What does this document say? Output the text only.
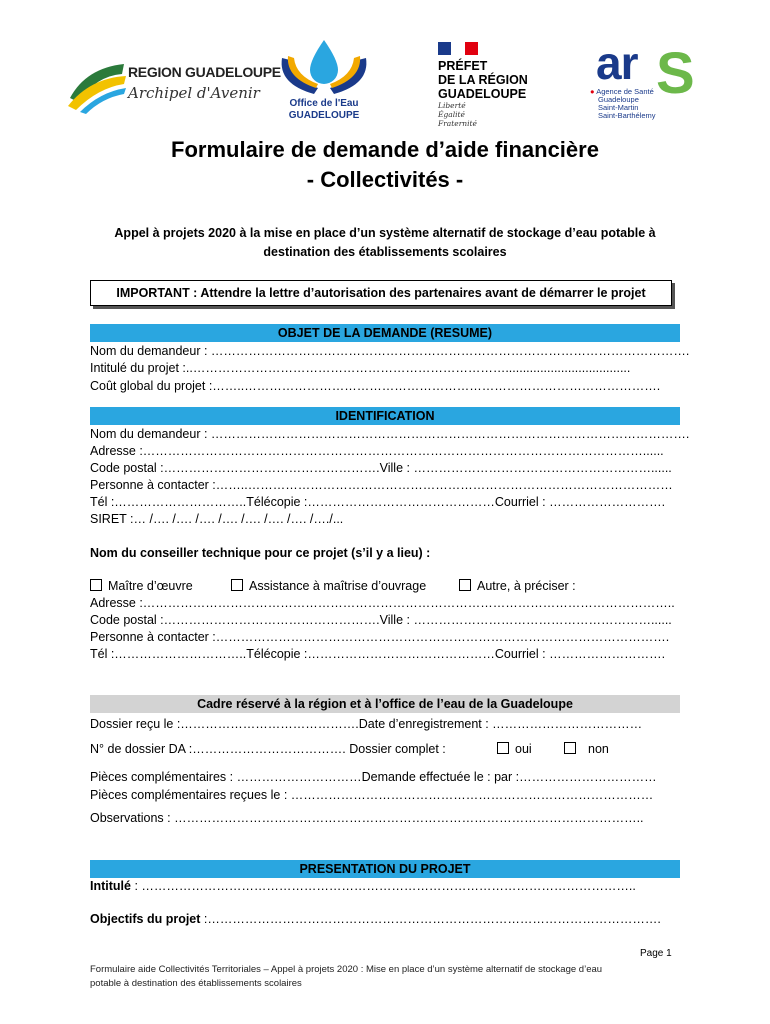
REGION GUADELOUPE
Archipel d'Avenir
Office de l'Eau
GUADELOUPE
PRÉFET
DE LA RÉGION
GUADELOUPE
Liberté
Égalité
Fraternité
ar S
● Agence de Santé
Guadeloupe
Saint-Martin
Saint-Barthélemy
Formulaire de demande d’aide financière
- Collectivités -
Appel à projets 2020 à la mise en place d’un système alternatif de stockage d’eau potable à
destination des établissements scolaires
IMPORTANT : Attendre la lettre d’autorisation des partenaires avant de démarrer le projet
OBJET DE LA DEMANDE (RESUME)
Nom du demandeur : …………………………………………………………………………………………………….
Intitulé du projet :..…………………………………………………………………....................................
Coût global du projet :……..……………………………………………………………………………………….
IDENTIFICATION
Nom du demandeur : …………………………………………………………………………………………………….
Adresse :…………………………………………………………………………………………………………......
Code postal :…………………………………………….Ville : …………………………………………………......
Personne à contacter :……..…………………………………………………………………………………………
Tél :…………………………..Télécopie :………………………………………Courriel : ……………………….
SIRET :… /…. /…. /…. /…. /…. /…. /…. /…./...
Nom du conseiller technique pour ce projet (s’il y a lieu) :
Maître d’œuvre	Assistance à maîtrise d’ouvrage	Autre, à préciser :
Adresse :………………………………………………………………………………………………………………..
Code postal :…………………………………………….Ville : …………………………………………………......
Personne à contacter :……………………………………………………………………………………………….
Tél :…………………………..Télécopie :………………………………………Courriel : ……………………….
Cadre réservé à la région et à l’office de l’eau de la Guadeloupe
Dossier reçu le :…………………………………….Date d’enregistrement : ………………………………
N° de dossier DA :………………………………. Dossier complet :	oui	non
Pièces complémentaires : …………………………Demande effectuée le : par :……………………………
Pièces complémentaires reçues le : ……………………………………………………………………………
Observations : …………………………………………………………………………………………………..
PRESENTATION DU PROJET
Intitulé : ………………………………………………………………………………………………………..
Objectifs du projet :……………………………………………………………………………………………….
Page 1
Formulaire aide Collectivités Territoriales – Appel à projets 2020 : Mise en place d’un système alternatif de stockage d’eau
potable à destination des établissements scolaires
